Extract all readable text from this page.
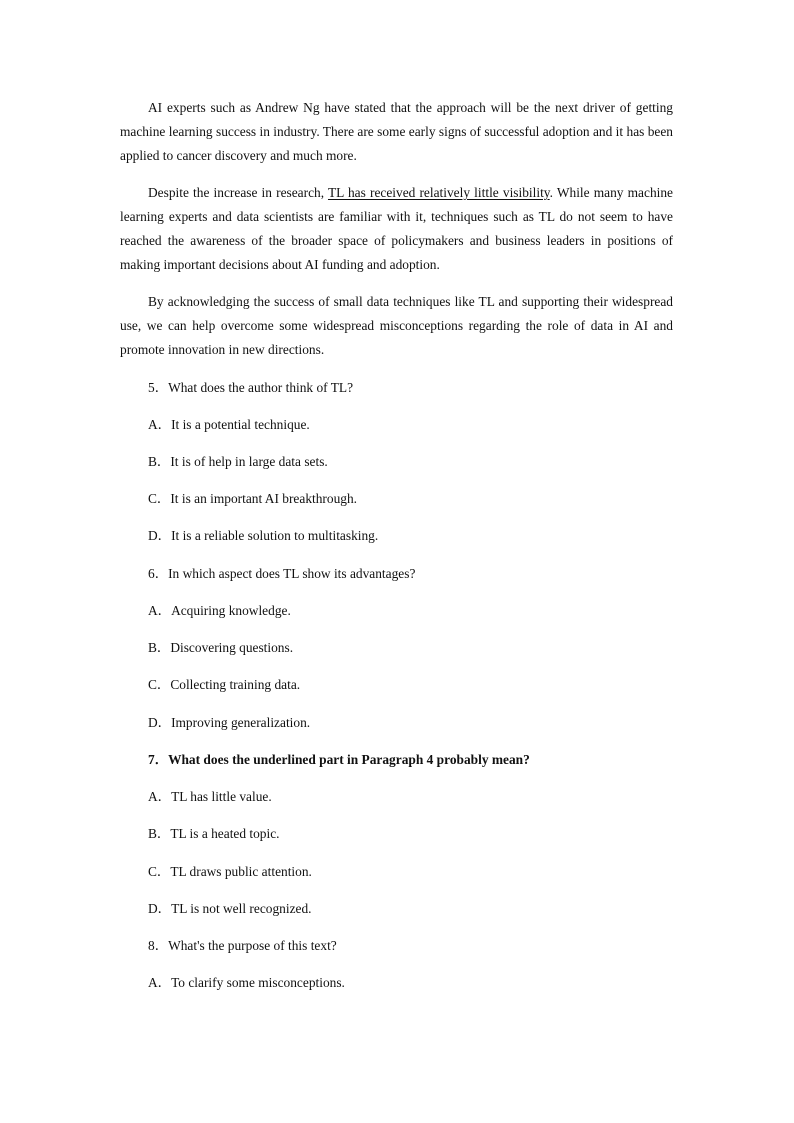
AI experts such as Andrew Ng have stated that the approach will be the next driver of getting machine learning success in industry. There are some early signs of successful adoption and it has been applied to cancer discovery and much more.

Despite the increase in research, TL has received relatively little visibility. While many machine learning experts and data scientists are familiar with it, techniques such as TL do not seem to have reached the awareness of the broader space of policymakers and business leaders in positions of making important decisions about AI funding and adoption.

By acknowledging the success of small data techniques like TL and supporting their widespread use, we can help overcome some widespread misconceptions regarding the role of data in AI and promote innovation in new directions.

5．What does the author think of TL?

A．It is a potential technique.

B．It is of help in large data sets.

C．It is an important AI breakthrough.

D．It is a reliable solution to multitasking.

6．In which aspect does TL show its advantages?

A．Acquiring knowledge.

B．Discovering questions.

C．Collecting training data.

D．Improving generalization.

7．What does the underlined part in Paragraph 4 probably mean?

A．TL has little value.

B．TL is a heated topic.

C．TL draws public attention.

D．TL is not well recognized.

8．What's the purpose of this text?

A．To clarify some misconceptions.
